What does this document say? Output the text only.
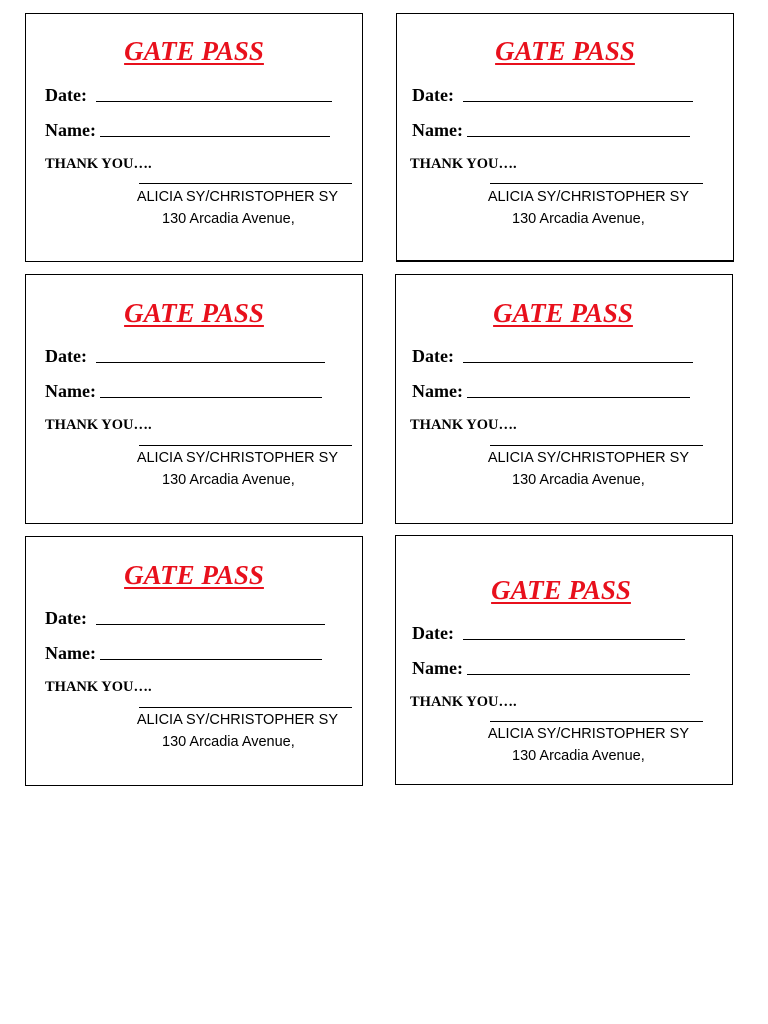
GATE PASS
Date:
Name:
THANK YOU….
ALICIA SY/CHRISTOPHER SY
130 Arcadia Avenue,
GATE PASS
Date:
Name:
THANK YOU….
ALICIA SY/CHRISTOPHER SY
130 Arcadia Avenue,
GATE PASS
Date:
Name:
THANK YOU….
ALICIA SY/CHRISTOPHER SY
130 Arcadia Avenue,
GATE PASS
Date:
Name:
THANK YOU….
ALICIA SY/CHRISTOPHER SY
130 Arcadia Avenue,
GATE PASS
Date:
Name:
THANK YOU….
ALICIA SY/CHRISTOPHER SY
130 Arcadia Avenue,
GATE PASS
Date:
Name:
THANK YOU….
ALICIA SY/CHRISTOPHER SY
130 Arcadia Avenue,
